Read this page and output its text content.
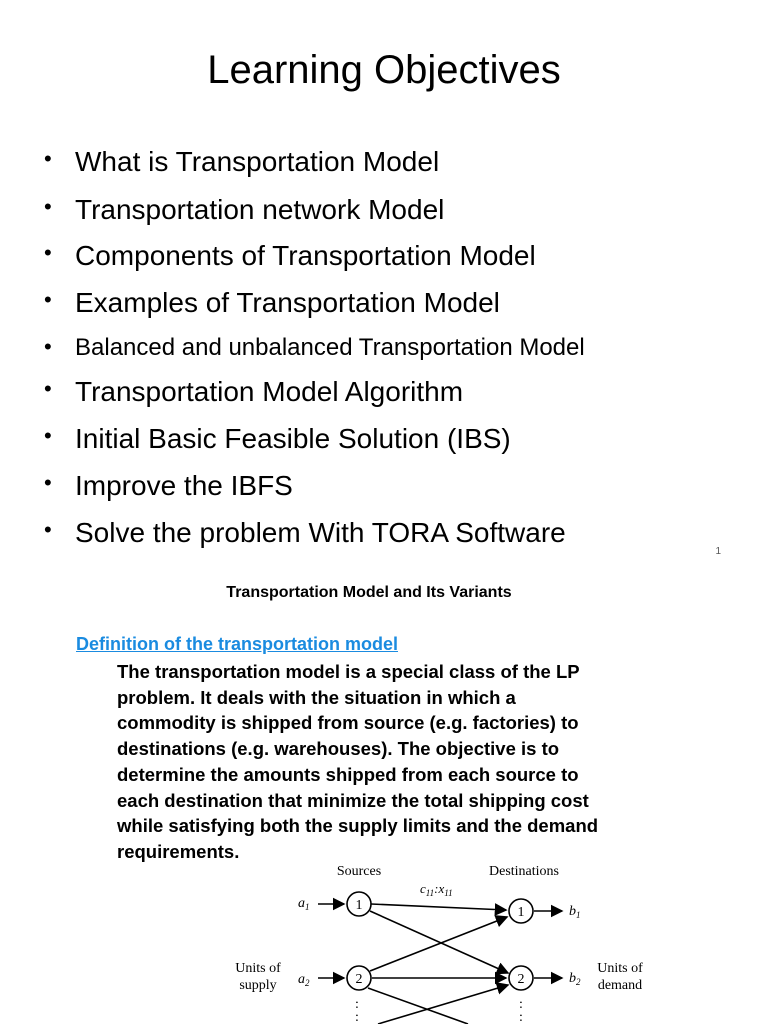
Learning Objectives
• What is Transportation Model
• Transportation network Model
• Components of Transportation Model
• Examples of Transportation Model
• Balanced and unbalanced Transportation Model
• Transportation Model Algorithm
• Initial Basic Feasible Solution (IBS)
• Improve the IBFS
• Solve the problem With TORA Software
1
Transportation Model and Its Variants
Definition of the transportation model
The transportation model is a special class of the LP
problem. It deals with the situation in which a
commodity is shipped from source (e.g. factories) to
destinations (e.g. warehouses). The objective is to
determine the amounts shipped from each source to
each destination that minimize the total shipping cost
while satisfying both the supply limits and the demand
requirements.
Sources	Destinations
$c_{11}:x_{11}$
$a_1$
Units of
supply $a_2$
1
2
1
2
$b_1$
$b_2$
Units of
demand
:
:
:
:
